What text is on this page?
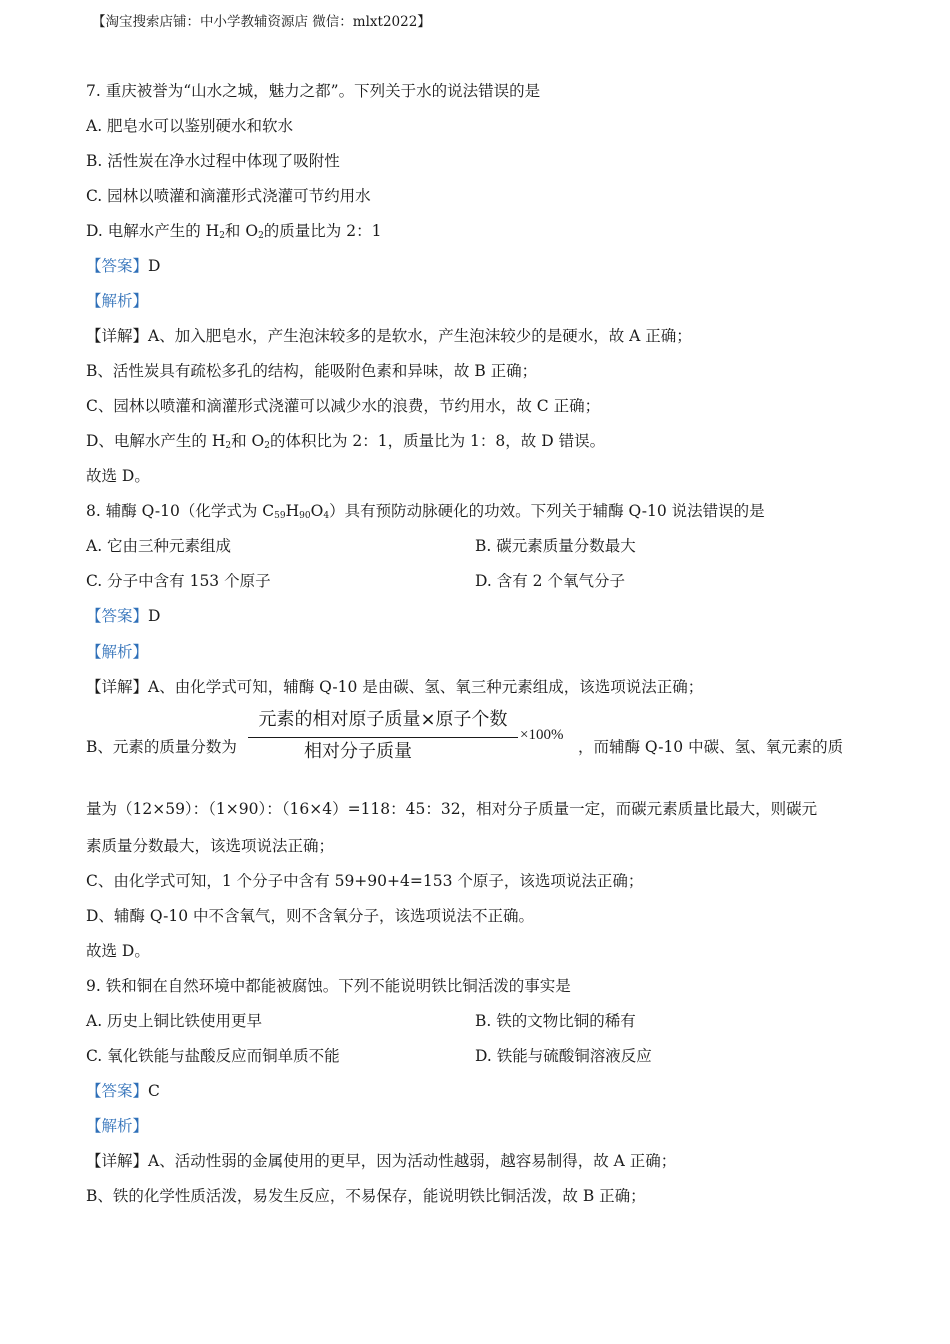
【淘宝搜索店铺：中小学教辅资源店 微信：mlxt2022】
7. 重庆被誉为“山水之城，魅力之都”。下列关于水的说法错误的是
A. 肥皂水可以鉴别硬水和软水
B. 活性炭在净水过程中体现了吸附性
C. 园林以喷灌和滴灌形式浇灌可节约用水
D. 电解水产生的 $H_2$和 $O_2$的质量比为 2：1
【答案】D
【解析】
【详解】A、加入肥皂水，产生泡沫较多的是软水，产生泡沫较少的是硬水，故 A 正确；
B、活性炭具有疏松多孔的结构，能吸附色素和异味，故 B 正确；
C、园林以喷灌和滴灌形式浇灌可以减少水的浪费，节约用水，故 C 正确；
D、电解水产生的 $H_2$和 $O_2$的体积比为 2：1，质量比为 1：8，故 D 错误。
故选 D。
8. 辅酶 Q-10（化学式为 $C_{59}H_{90}O_4$）具有预防动脉硬化的功效。下列关于辅酶 Q-10 说法错误的是
A. 它由三种元素组成	B. 碳元素质量分数最大
C. 分子中含有 153 个原子	D. 含有 2 个氧气分子
【答案】D
【解析】
【详解】A、由化学式可知，辅酶 Q-10 是由碳、氢、氧三种元素组成，该选项说法正确；
B、元素的质量分数为
元素的相对原子质量×原子个数
相对分子质量
×100%
，而辅酶 Q-10 中碳、氢、氧元素的质
量为（12×59）：（1×90）：（16×4）=118：45：32，相对分子质量一定，而碳元素质量比最大，则碳元
素质量分数最大，该选项说法正确；
C、由化学式可知，1 个分子中含有 59+90+4=153 个原子，该选项说法正确；
D、辅酶 Q-10 中不含氧气，则不含氧分子，该选项说法不正确。
故选 D。
9. 铁和铜在自然环境中都能被腐蚀。下列不能说明铁比铜活泼的事实是
A. 历史上铜比铁使用更早	B. 铁的文物比铜的稀有
C. 氧化铁能与盐酸反应而铜单质不能	D. 铁能与硫酸铜溶液反应
【答案】C
【解析】
【详解】A、活动性弱的金属使用的更早，因为活动性越弱，越容易制得，故 A 正确；
B、铁的化学性质活泼，易发生反应，不易保存，能说明铁比铜活泼，故 B 正确；
